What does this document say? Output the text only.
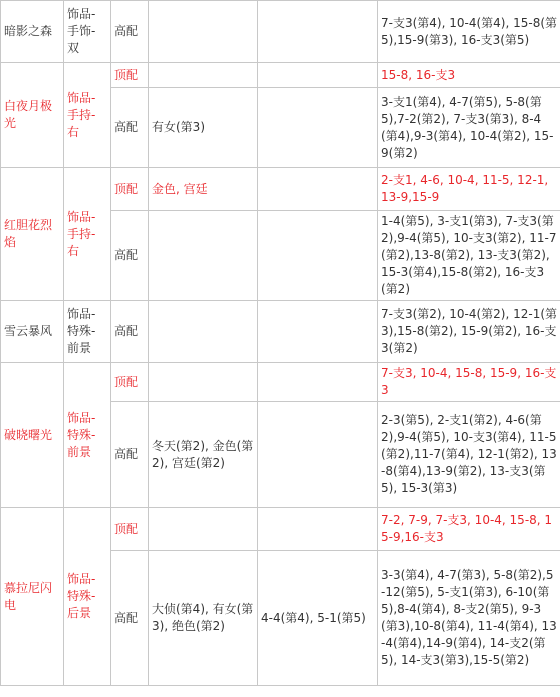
暗影之森	饰品-手饰-双	高配			7-支3(第4), 10-4(第4), 15-8(第5),15-9(第3), 16-支3(第5)
白夜月极光	饰品-手持-右	顶配			15-8, 16-支3
		高配	有女(第3)		3-支1(第4), 4-7(第5), 5-8(第5),7-2(第2), 7-支3(第3), 8-4(第4),9-3(第4), 10-4(第2), 15-9(第2)
红胆花烈焰	饰品-手持-右	顶配	金色, 宫廷		2-支1, 4-6, 10-4, 11-5, 12-1, 13-9,15-9
		高配			1-4(第5), 3-支1(第3), 7-支3(第2),9-4(第5), 10-支3(第2), 11-7(第2),13-8(第2), 13-支3(第2), 15-3(第4),15-8(第2), 16-支3(第2)
雪云暴风	饰品-特殊-前景	高配			7-支3(第2), 10-4(第2), 12-1(第3),15-8(第2), 15-9(第2), 16-支3(第2)
破晓曙光	饰品-特殊-前景	顶配			7-支3, 10-4, 15-8, 15-9, 16-支3
		高配	冬天(第2), 金色(第2), 宫廷(第2)		2-3(第5), 2-支1(第2), 4-6(第2),9-4(第5), 10-支3(第4), 11-5(第2),11-7(第4), 12-1(第2), 13-8(第4),13-9(第2), 13-支3(第5), 15-3(第3)
慕拉尼闪电	饰品-特殊-后景	顶配			7-2, 7-9, 7-支3, 10-4, 15-8, 15-9,16-支3
		高配	大侦(第4), 有女(第3), 绝色(第2)	4-4(第4), 5-1(第5)	3-3(第4), 4-7(第3), 5-8(第2),5-12(第5), 5-支1(第3), 6-10(第5),8-4(第4), 8-支2(第5), 9-3(第3),10-8(第4), 11-4(第4), 13-4(第4),14-9(第4), 14-支2(第5), 14-支3(第3),15-5(第2)
